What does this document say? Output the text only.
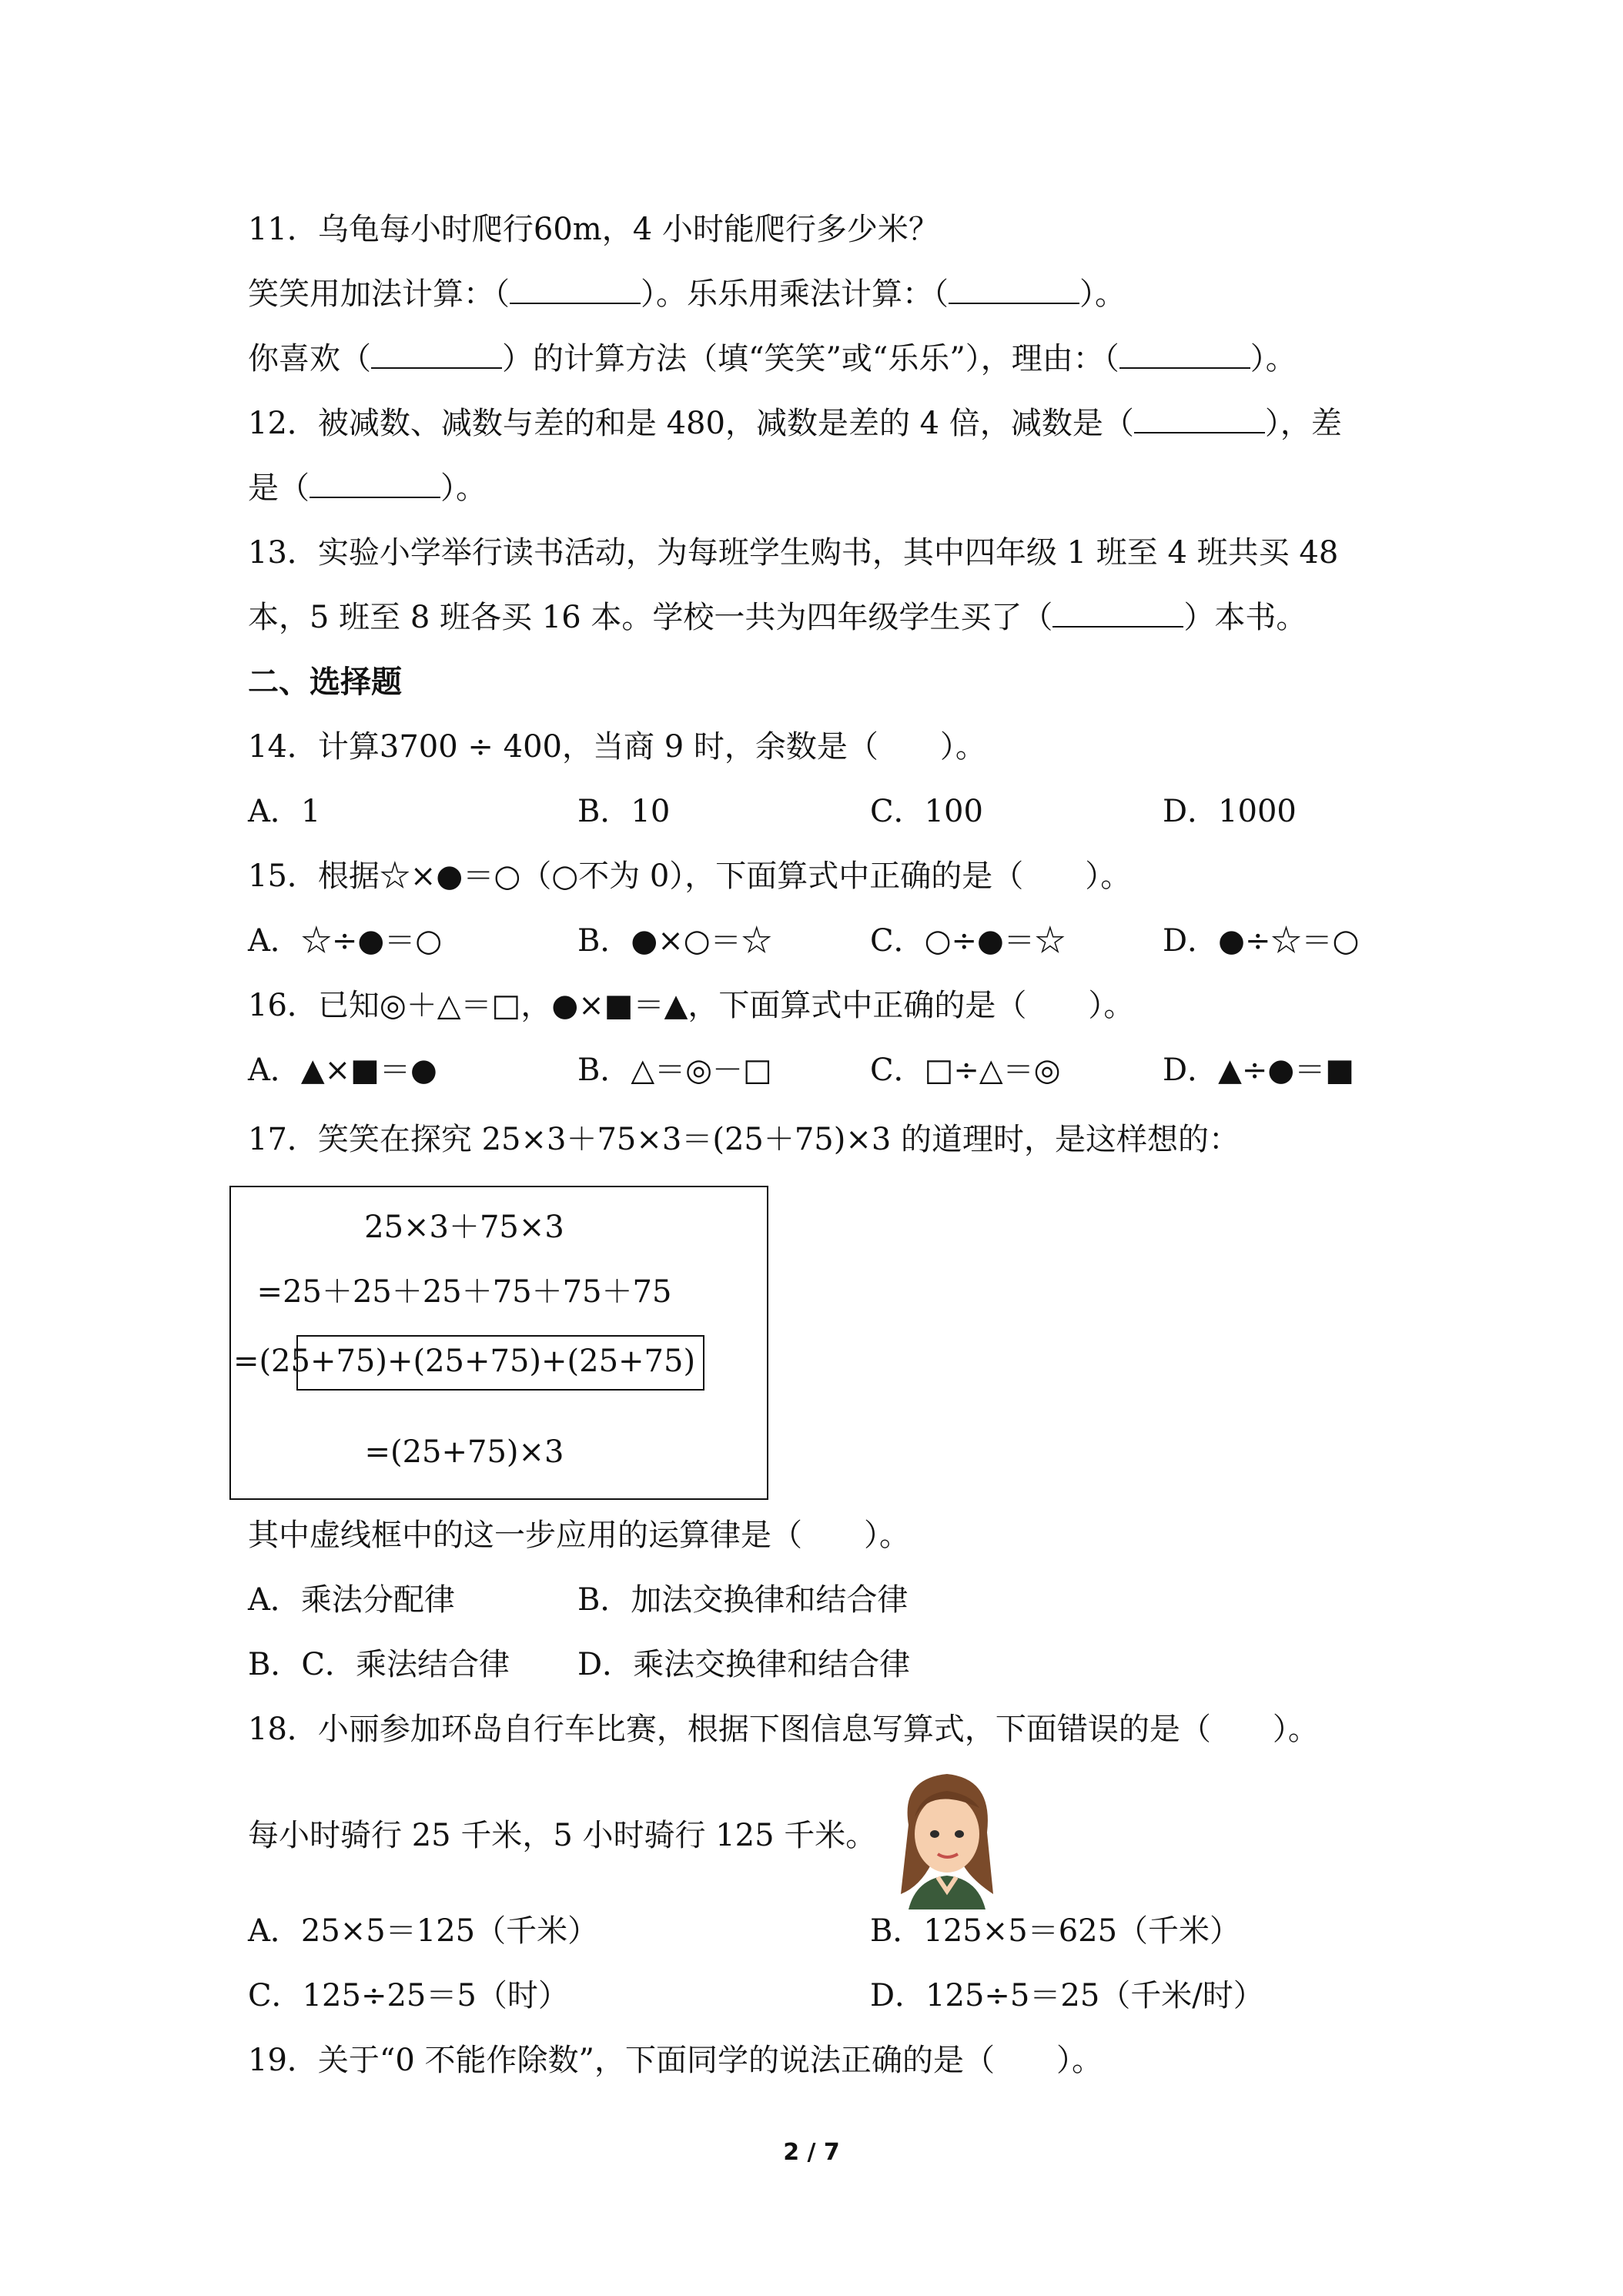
11．乌龟每小时爬行60m，4 小时能爬行多少米？
笑笑用加法计算：（	）。乐乐用乘法计算：（	）。
你喜欢（	）的计算方法（填“笑笑”或“乐乐”），理由：（	）。
12．被减数、减数与差的和是 480，减数是差的 4 倍，减数是（	），差
是（	）。
13．实验小学举行读书活动，为每班学生购书，其中四年级 1 班至 4 班共买 48
本，5 班至 8 班各买 16 本。学校一共为四年级学生买了（	）本书。
二、选择题
14．计算3700 ÷ 400，当商 9 时，余数是（　　）。
A．1	B．10	C．100	D．1000
15．根据☆×●＝○（○不为 0），下面算式中正确的是（　　）。
A．☆÷●＝○	B．●×○＝☆	C．○÷●＝☆	D．●÷☆＝○
16．已知◎＋△＝□，●×■＝▲，下面算式中正确的是（　　）。
A．▲×■＝●	B．△＝◎－□	C．□÷△＝◎	D．▲÷●＝■
17．笑笑在探究 25×3＋75×3＝(25＋75)×3 的道理时，是这样想的：
25×3＋75×3
=25＋25＋25＋75＋75＋75
=(25+75)+(25+75)+(25+75)
=(25+75)×3
其中虚线框中的这一步应用的运算律是（　　）。
A．乘法分配律	B．加法交换律和结合律
B．C．乘法结合律 D．乘法交换律和结合律
18．小丽参加环岛自行车比赛，根据下图信息写算式，下面错误的是（　　）。
每小时骑行 25 千米，5 小时骑行 125 千米。
A．25×5＝125（千米）	B．125×5＝625（千米）
C．125÷25＝5（时）	D．125÷5＝25（千米/时）
19．关于“0 不能作除数”，下面同学的说法正确的是（　　）。
2 / 7
